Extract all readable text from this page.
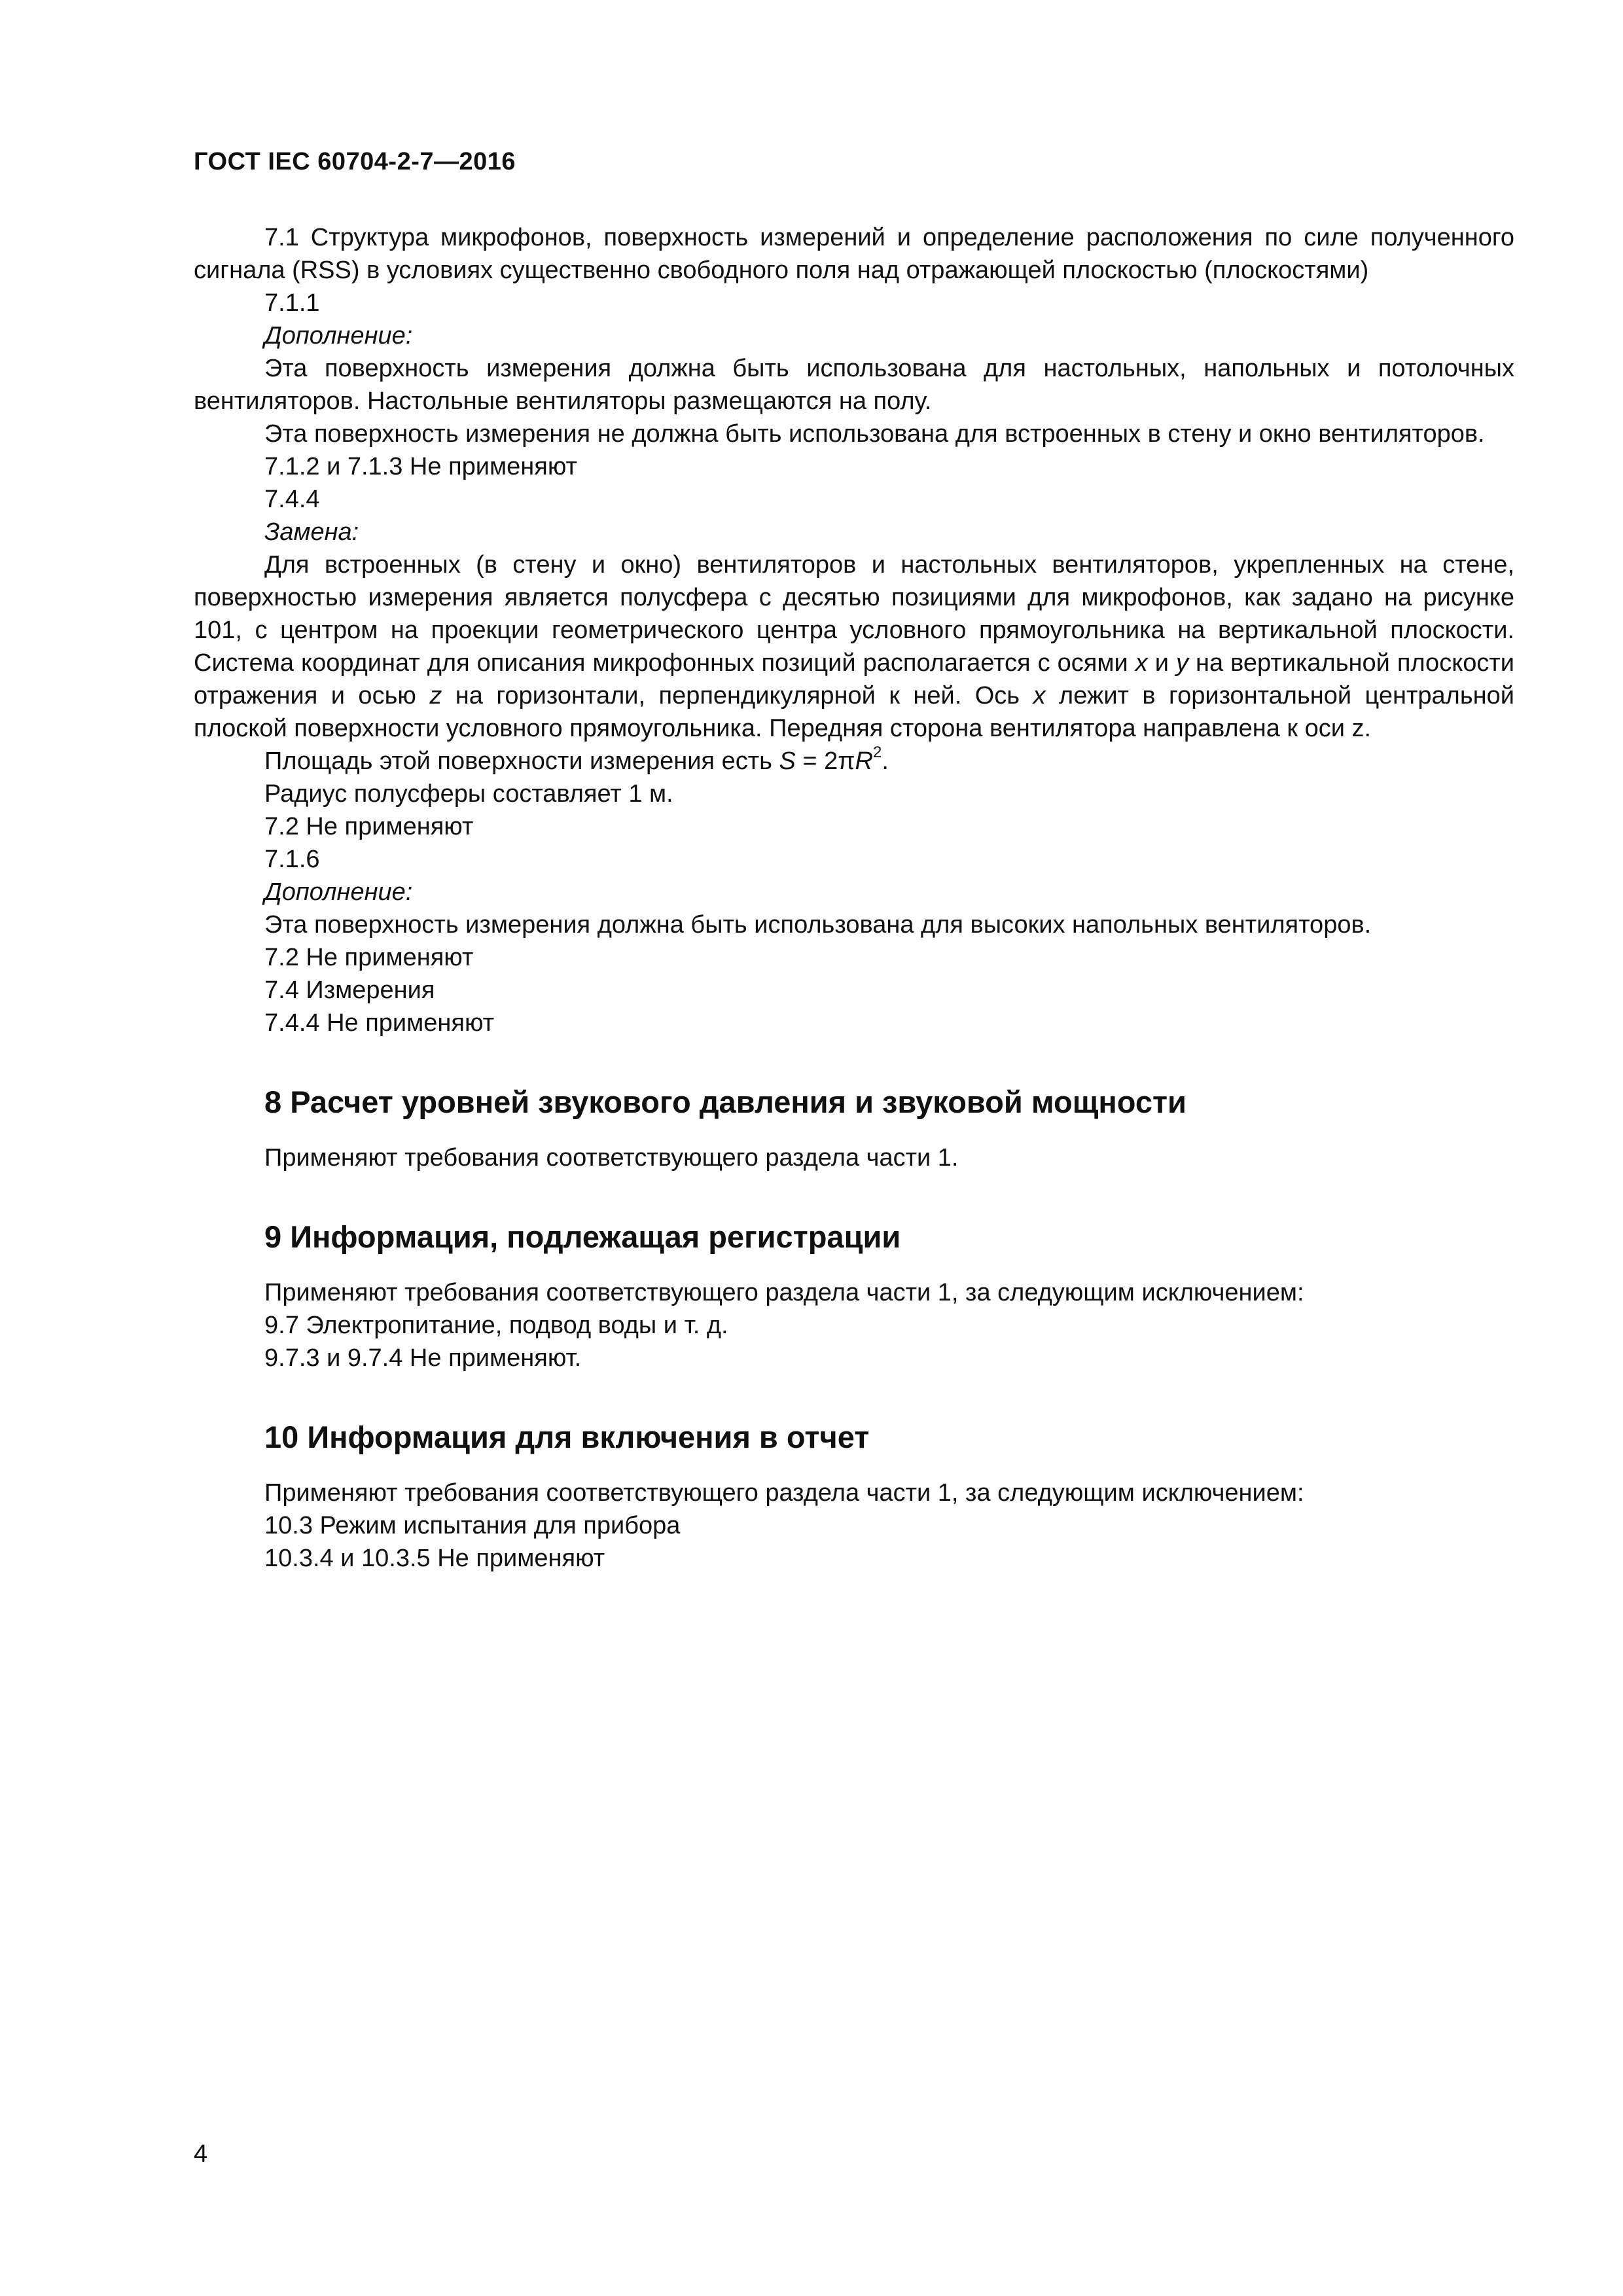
ГОСТ IEC 60704-2-7—2016

7.1 Структура микрофонов, поверхность измерений и определение расположения по силе полученного сигнала (RSS) в условиях существенно свободного поля над отражающей плоскостью (плоскостями)

7.1.1

Дополнение:

Эта поверхность измерения должна быть использована для настольных, напольных и потолочных вентиляторов. Настольные вентиляторы размещаются на полу.

Эта поверхность измерения не должна быть использована для встроенных в стену и окно вентиляторов.

7.1.2 и 7.1.3 Не применяют

7.4.4

Замена:

Для встроенных (в стену и окно) вентиляторов и настольных вентиляторов, укрепленных на стене, поверхностью измерения является полусфера с десятью позициями для микрофонов, как задано на рисунке 101, с центром на проекции геометрического центра условного прямоугольника на вертикальной плоскости. Система координат для описания микрофонных позиций располагается с осями x и y на вертикальной плоскости отражения и осью z на горизонтали, перпендикулярной к ней. Ось x лежит в горизонтальной центральной плоской поверхности условного прямоугольника. Передняя сторона вентилятора направлена к оси z.

Площадь этой поверхности измерения есть $S = 2\pi R^2$.

Радиус полусферы составляет 1 м.

7.2 Не применяют

7.1.6

Дополнение:

Эта поверхность измерения должна быть использована для высоких напольных вентиляторов.

7.2 Не применяют

7.4 Измерения

7.4.4 Не применяют

8 Расчет уровней звукового давления и звуковой мощности

Применяют требования соответствующего раздела части 1.

9 Информация, подлежащая регистрации

Применяют требования соответствующего раздела части 1, за следующим исключением:

9.7 Электропитание, подвод воды и т. д.

9.7.3 и 9.7.4 Не применяют.

10 Информация для включения в отчет

Применяют требования соответствующего раздела части 1, за следующим исключением:

10.3 Режим испытания для прибора

10.3.4 и 10.3.5 Не применяют

4
